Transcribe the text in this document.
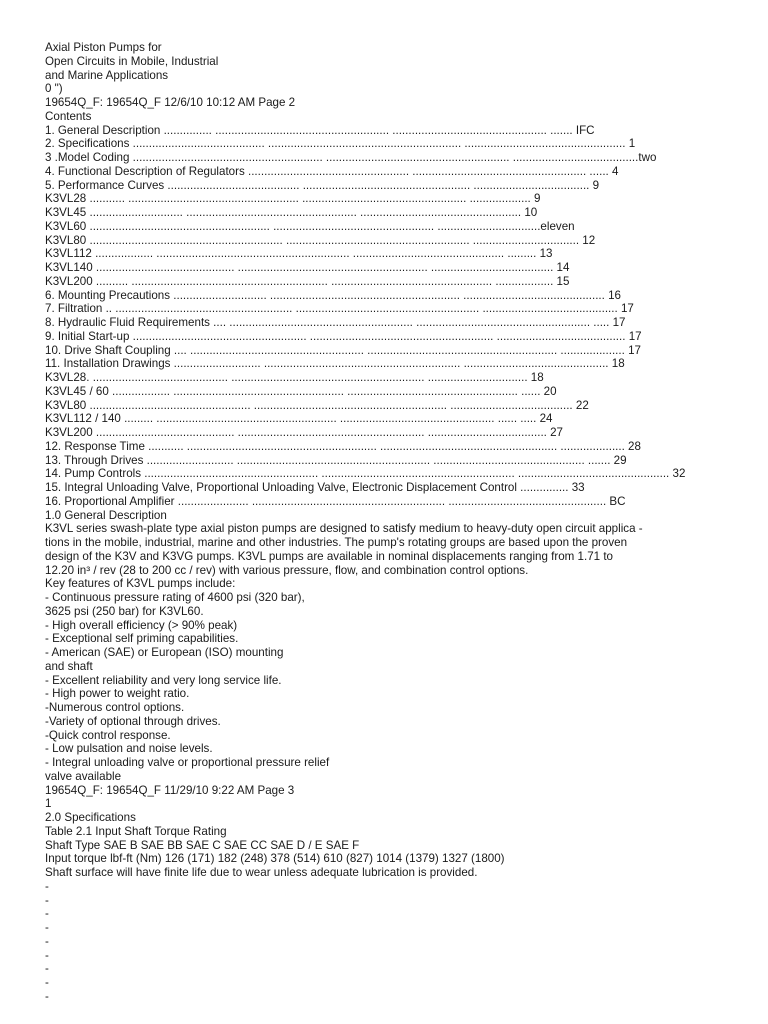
Axial Piston Pumps for
Open Circuits in Mobile, Industrial
and Marine Applications
0 ")
19654Q_F: 19654Q_F 12/6/10 10:12 AM Page 2
Contents
1. General Description ............... ...................................................... ................................................ ....... IFC
2. Specifications ......................................... ............................................................ .................................................. 1
3 .Model Coding ........................................................... ......................................................... .......................................two
4. Functional Description of Regulators .................................................. ...................................................... ...... 4
5. Performance Curves ......................................... .................................................... .................................... 9
K3VL28 ........... ..................................................... ................................................... ................... 9
K3VL45 ............................. ..................................................... .................................................. 10
K3VL60 ........................................................ .................................................. ................................eleven
K3VL80 ............................................................ ......................................................... ................................. 12
K3VL112 .................. ............................................................ ............................................... ......... 13
K3VL140 ........................................... ........................................................... ...................................... 14
K3VL200 .......... ............................................................. .................................................. .................. 15
6. Mounting Precautions ............................. ........................................................... ............................................ 16
7. Filtration .. ....................................................... ......................................................... .......................................... 17
8. Hydraulic Fluid Requirements .... ......................................................... ...................................................... ..... 17
9. Initial Start-up ...................................................... ......................................................... ........................................ 17
10. Drive Shaft Coupling .... ...................................................... ........................................................... .................... 17
11. Installation Drawings ........................... ............................................................. ............................................. 18
K3VL28. .......................................... ............................................................ ............................... 18
K3VL45 / 60 .................. ..................................................... ..................................................... ...... 20
K3VL80 .................................................. ............................................................ ...................................... 22
K3VL112 / 140 ......... ........................................................ ................................................ ...... ..... 24
K3VL200 ........................................... .......................................................... ..................................... 27
12. Response Time ........... ........................................................... ....................................................... .................... 28
13. Through Drives ........................... ............................................................ ............................................... ....... 29
14. Pump Controls ...................................................... ............................................................ ............................................... 32
15. Integral Unloading Valve, Proportional Unloading Valve, Electronic Displacement Control ............... 33
16. Proportional Amplifier ...................... ............................................................ ................................................. BC
1.0 General Description
K3VL series swash-plate type axial piston pumps are designed to satisfy medium to heavy-duty open circuit applica -
tions in the mobile, industrial, marine and other industries. The pump's rotating groups are based upon the proven
design of the K3V and K3VG pumps. K3VL pumps are available in nominal displacements ranging from 1.71 to
12.20 in³ / rev (28 to 200 cc / rev) with various pressure, flow, and combination control options.
Key features of K3VL pumps include:
- Continuous pressure rating of 4600 psi (320 bar),
3625 psi (250 bar) for K3VL60.
- High overall efficiency (> 90% peak)
- Exceptional self priming capabilities.
- American (SAE) or European (ISO) mounting
and shaft
- Excellent reliability and very long service life.
- High power to weight ratio.
-Numerous control options.
-Variety of optional through drives.
-Quick control response.
- Low pulsation and noise levels.
- Integral unloading valve or proportional pressure relief
valve available
19654Q_F: 19654Q_F 11/29/10 9:22 AM Page 3
1
2.0 Specifications
Table 2.1 Input Shaft Torque Rating
Shaft Type SAE B SAE BB SAE C SAE CC SAE D / E SAE F
Input torque lbf-ft (Nm) 126 (171) 182 (248) 378 (514) 610 (827) 1014 (1379) 1327 (1800)
Shaft surface will have finite life due to wear unless adequate lubrication is provided.
-
-
-
-
-
-
-
-
-
